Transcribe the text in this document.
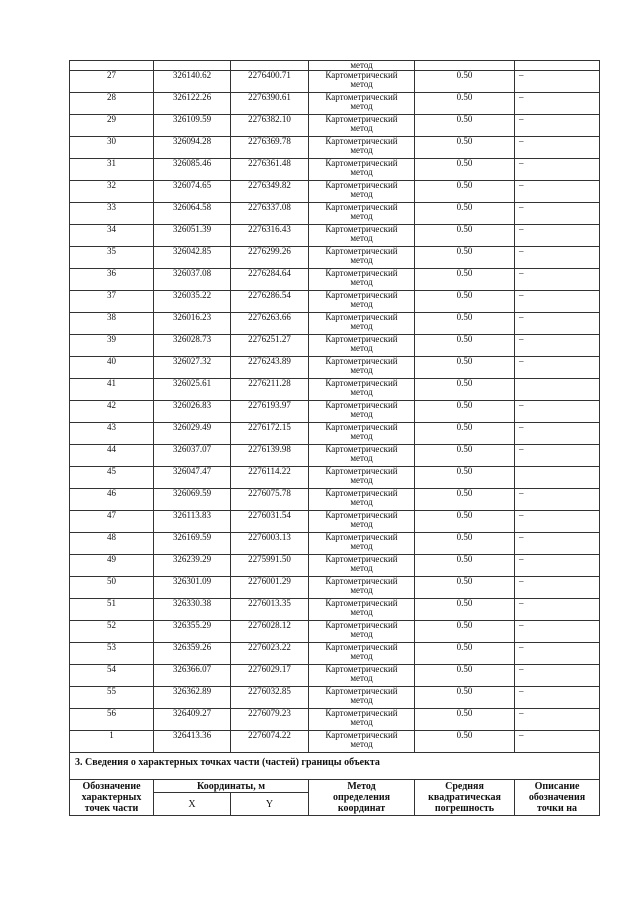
			метод		
27	326140.62	2276400.71	Картометрический
метод	0.50	–
28	326122.26	2276390.61	Картометрический
метод	0.50	–
29	326109.59	2276382.10	Картометрический
метод	0.50	–
30	326094.28	2276369.78	Картометрический
метод	0.50	–
31	326085.46	2276361.48	Картометрический
метод	0.50	–
32	326074.65	2276349.82	Картометрический
метод	0.50	–
33	326064.58	2276337.08	Картометрический
метод	0.50	–
34	326051.39	2276316.43	Картометрический
метод	0.50	–
35	326042.85	2276299.26	Картометрический
метод	0.50	–
36	326037.08	2276284.64	Картометрический
метод	0.50	–
37	326035.22	2276286.54	Картометрический
метод	0.50	–
38	326016.23	2276263.66	Картометрический
метод	0.50	–
39	326028.73	2276251.27	Картометрический
метод	0.50	–
40	326027.32	2276243.89	Картометрический
метод	0.50	–
41	326025.61	2276211.28	Картометрический
метод	0.50	
42	326026.83	2276193.97	Картометрический
метод	0.50	–
43	326029.49	2276172.15	Картометрический
метод	0.50	–
44	326037.07	2276139.98	Картометрический
метод	0.50	–
45	326047.47	2276114.22	Картометрический
метод	0.50	
46	326069.59	2276075.78	Картометрический
метод	0.50	–
47	326113.83	2276031.54	Картометрический
метод	0.50	–
48	326169.59	2276003.13	Картометрический
метод	0.50	–
49	326239.29	2275991.50	Картометрический
метод	0.50	–
50	326301.09	2276001.29	Картометрический
метод	0.50	–
51	326330.38	2276013.35	Картометрический
метод	0.50	–
52	326355.29	2276028.12	Картометрический
метод	0.50	–
53	326359.26	2276023.22	Картометрический
метод	0.50	–
54	326366.07	2276029.17	Картометрический
метод	0.50	–
55	326362.89	2276032.85	Картометрический
метод	0.50	–
56	326409.27	2276079.23	Картометрический
метод	0.50	–
1	326413.36	2276074.22	Картометрический
метод	0.50	–
3. Сведения о характерных точках части (частей) границы объекта					
Обозначение
характерных
точек части	Координаты, м		Метод
определения
координат	Средняя
квадратическая
погрешность	Описание
обозначения
точки на
	X	Y			
